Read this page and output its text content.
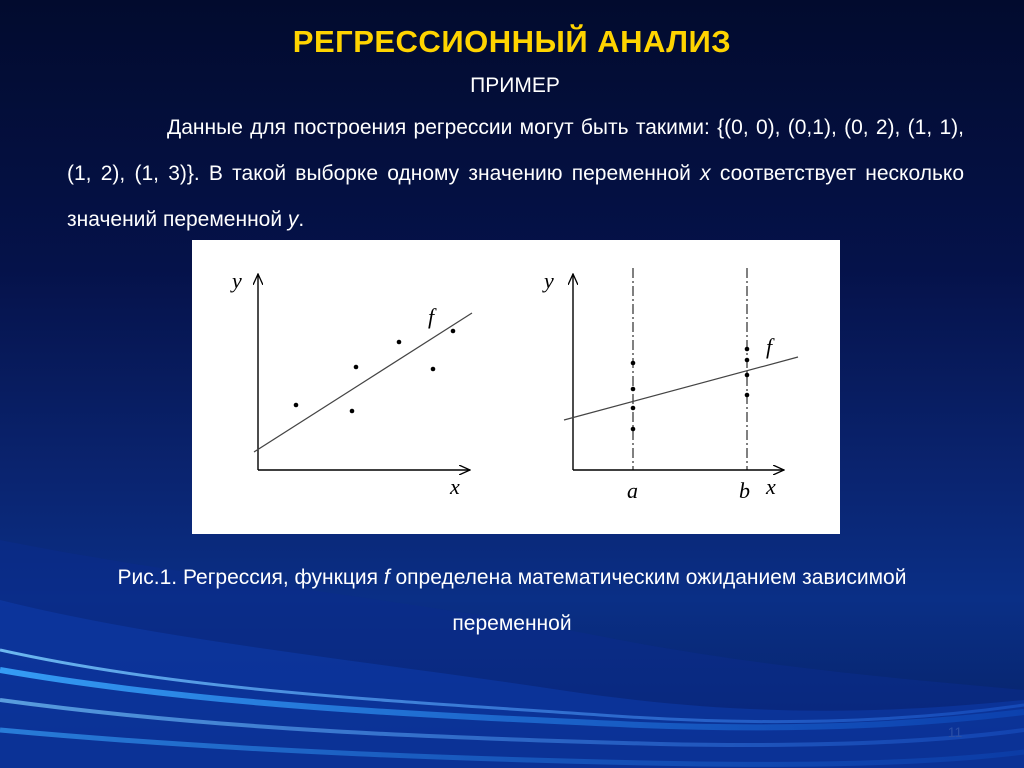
РЕГРЕССИОННЫЙ АНАЛИЗ
ПРИМЕР

Данные для построения регрессии могут быть такими: {(0, 0), (0,1), (0, 2), (1, 1), (1, 2), (1, 3)}. В такой выборке одному значению переменной x соответствует несколько значений переменной y.

y
x
f
y
x
f
a	b

Рис.1. Регрессия, функция f определена математическим ожиданием зависимой переменной

11
